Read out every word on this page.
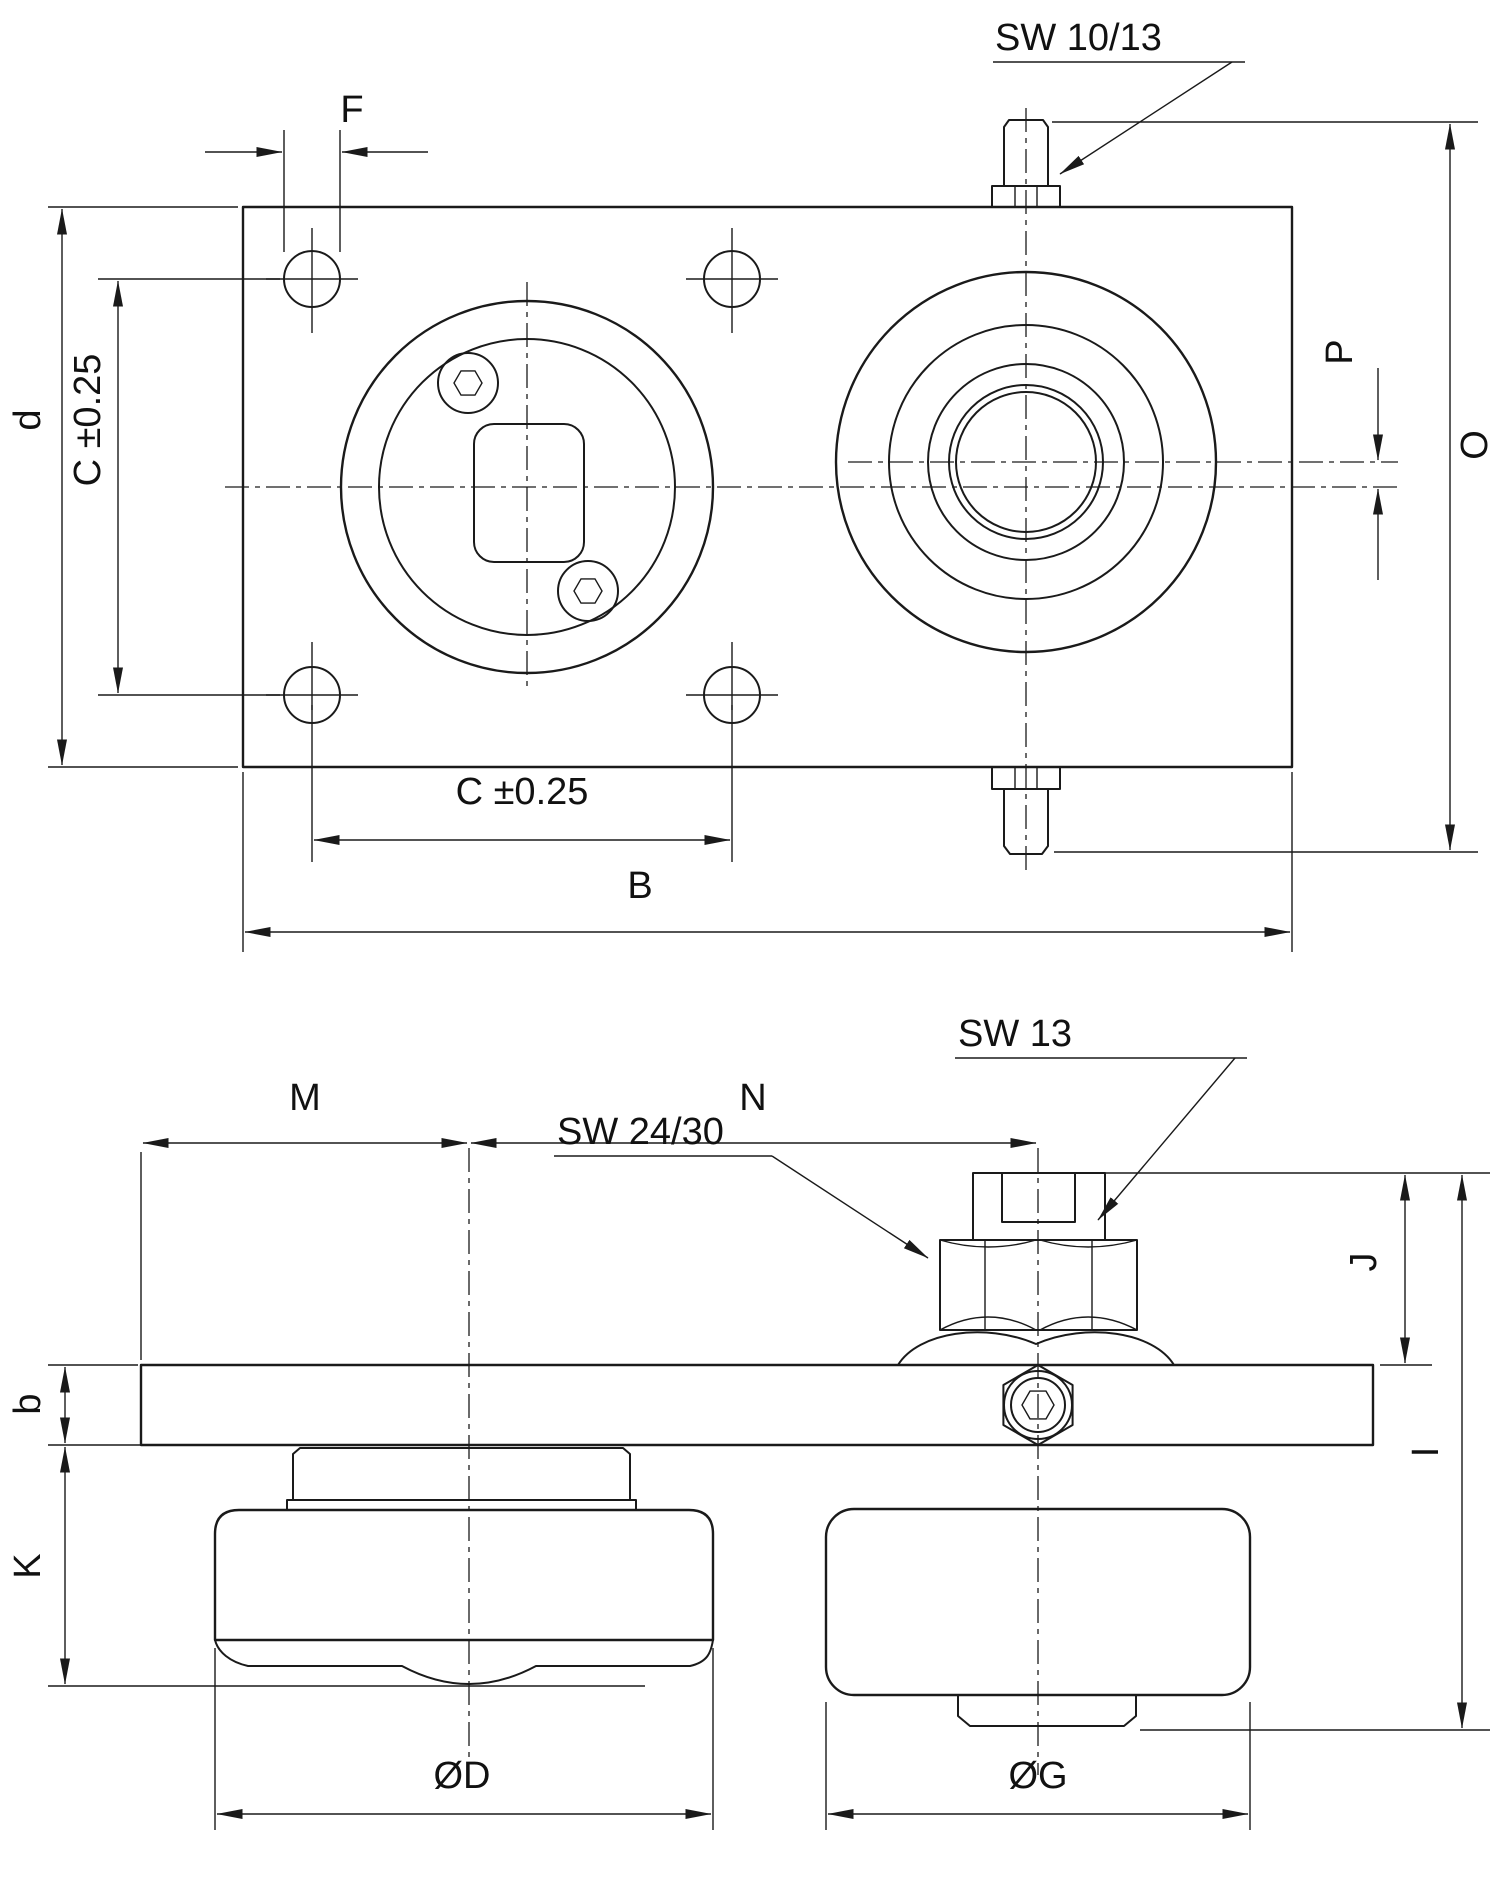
F
d C ±0.25
C ±0.25
B
O
P
SW 10/13
M	N
SW 13
SW 24/30
J
I
b
K
ØD	ØG
